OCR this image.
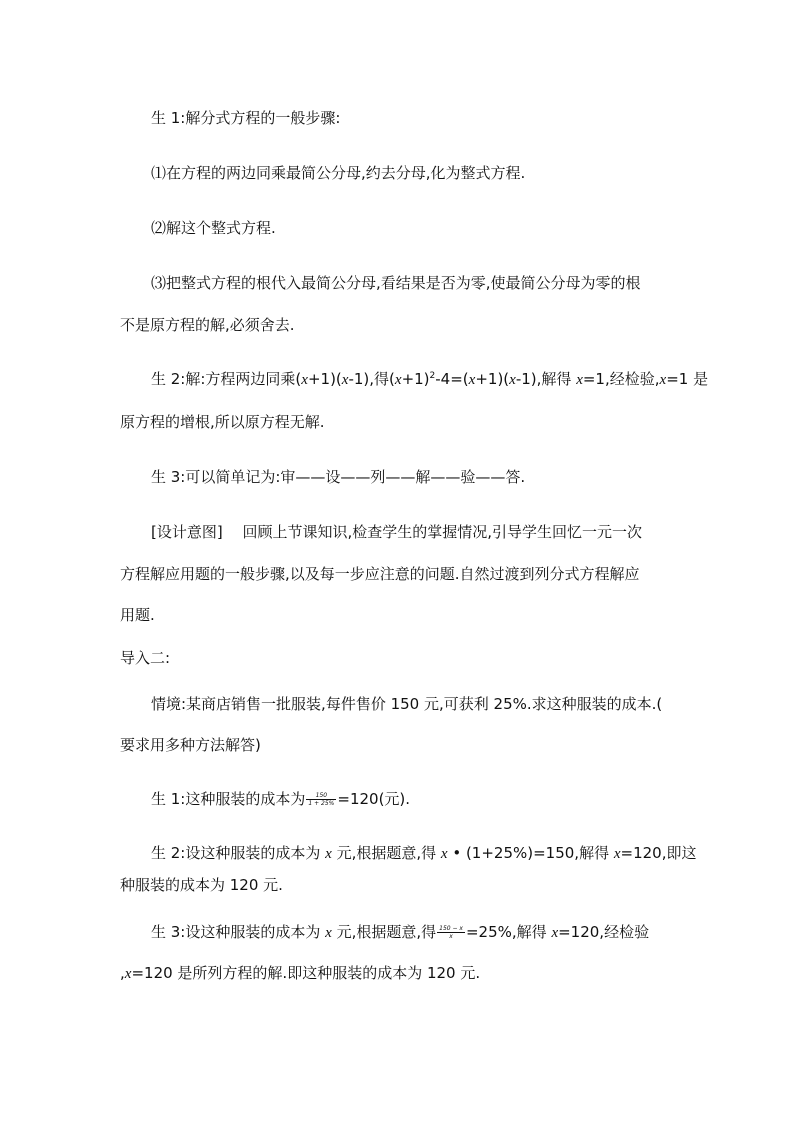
生 1:解分式方程的一般步骤:
⑴在方程的两边同乘最简公分母,约去分母,化为整式方程.
⑵解这个整式方程.
⑶把整式方程的根代入最简公分母,看结果是否为零,使最简公分母为零的根
不是原方程的解,必须舍去.
生 2:解:方程两边同乘(x+1)(x-1),得$(x+1)^2-4=(x+1)(x-1)$,解得 x=1,经检验,x=1 是
原方程的增根,所以原方程无解.
生 3:可以简单记为:审——设——列——解——验——答.
[设计意图]　 回顾上节课知识,检查学生的掌握情况,引导学生回忆一元一次
方程解应用题的一般步骤,以及每一步应注意的问题.自然过渡到列分式方程解应
用题.
导入二:
情境:某商店销售一批服装,每件售价 150 元,可获利 25%.求这种服装的成本.(
要求用多种方法解答)
生 1:这种服装的成本为 $\frac{150}{1 + 25\%} =120$(元).
生 2:设这种服装的成本为 x 元,根据题意,得 x • (1+25%)=150,解得 x=120,即这
种服装的成本为 120 元.
生 3:设这种服装的成本为 x 元,根据题意,得 $\frac{150 - x}{x} =25\%$,解得 x=120,经检验
,x=120 是所列方程的解.即这种服装的成本为 120 元.
